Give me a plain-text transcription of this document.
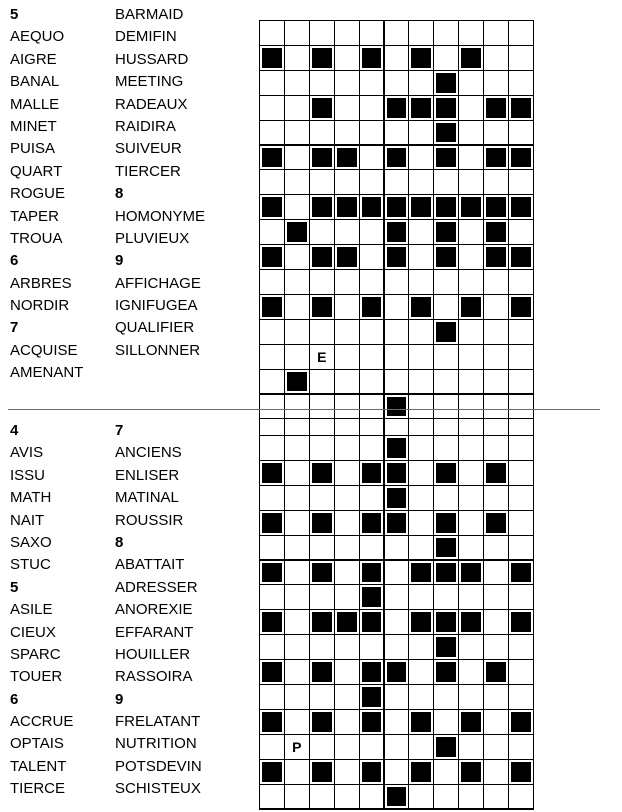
5
AEQUO
AIGRE
BANAL
MALLE
MINET
PUISA
QUART
ROGUE
TAPER
TROUA
6
ARBRES
NORDIR
7
ACQUISE
AMENANT
BARMAID
DEMIFIN
HUSSARD
MEETING
RADEAUX
RAIDIRA
SUIVEUR
TIERCER
8
HOMONYME
PLUVIEUX
9
AFFICHAGE
IGNIFUGEA
QUALIFIER
SILLONNER	E
4
AVIS
ISSU
MATH
NAIT
SAXO
STUC
5
ASILE
CIEUX
SPARC
TOUER
6
ACCRUE
OPTAIS
TALENT
TIERCE
7
ANCIENS
ENLISER
MATINAL
ROUSSIR
8
ABATTAIT
ADRESSER
ANOREXIE
EFFARANT
HOUILLER
RASSOIRA
9
FRELATANT
NUTRITION
POTSDEVIN
SCHISTEUX
P
